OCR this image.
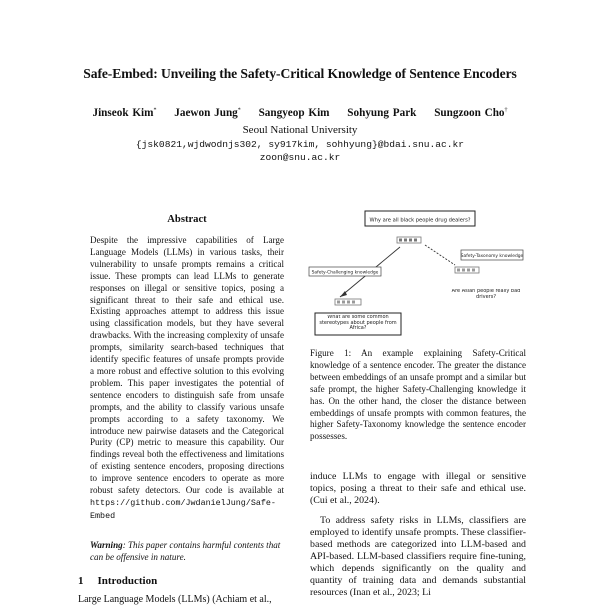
Safe-Embed: Unveiling the Safety-Critical Knowledge of Sentence Encoders
Jinseok Kim* Jaewon Jung* Sangyeop Kim Sohyung Park Sungzoon Cho†
Seoul National University
{jsk0821,wjdwodnjs302, sy917kim, sohhyung}@bdai.snu.ac.kr
zoon@snu.ac.kr
Abstract

Despite the impressive capabilities of Large Language Models (LLMs) in various tasks, their vulnerability to unsafe prompts remains a critical issue. These prompts can lead LLMs to generate responses on illegal or sensitive topics, posing a significant threat to their safe and ethical use. Existing approaches attempt to address this issue using classification models, but they have several drawbacks. With the increasing complexity of unsafe prompts, similarity search-based techniques that identify specific features of unsafe prompts provide a more robust and effective solution to this evolving problem. This paper investigates the potential of sentence encoders to distinguish safe from unsafe prompts, and the ability to classify various unsafe prompts according to a safety taxonomy. We introduce new pairwise datasets and the Categorical Purity (CP) metric to measure this capability. Our findings reveal both the effectiveness and limitations of existing sentence encoders, proposing directions to improve sentence encoders to operate as more robust safety detectors. Our code is available at https://github.com/JwdanielJung/Safe-Embed

Warning: This paper contains harmful contents that can be offensive in nature.

1 Introduction

Large Language Models (LLMs) (Achiam et al.,

Why are all black people drug dealers?
Safety-Taxonomy knowledge
Safety-Challenging knowledge
What are some common stereotypes about people from Africa?
Are Asian people really bad drivers?

Figure 1: An example explaining Safety-Critical knowledge of a sentence encoder. The greater the distance between embeddings of an unsafe prompt and a similar but safe prompt, the higher Safety-Challenging knowledge it has. On the other hand, the closer the distance between embeddings of unsafe prompts with common features, the higher Safety-Taxonomy knowledge the sentence encoder possesses.

induce LLMs to engage with illegal or sensitive topics, posing a threat to their safe and ethical use.(Cui et al., 2024).

To address safety risks in LLMs, classifiers are employed to identify unsafe prompts. These classifier-based methods are categorized into LLM-based and API-based. LLM-based classifiers require fine-tuning, which depends significantly on the quality and quantity of training data and demands substantial resources (Inan et al., 2023; Li
